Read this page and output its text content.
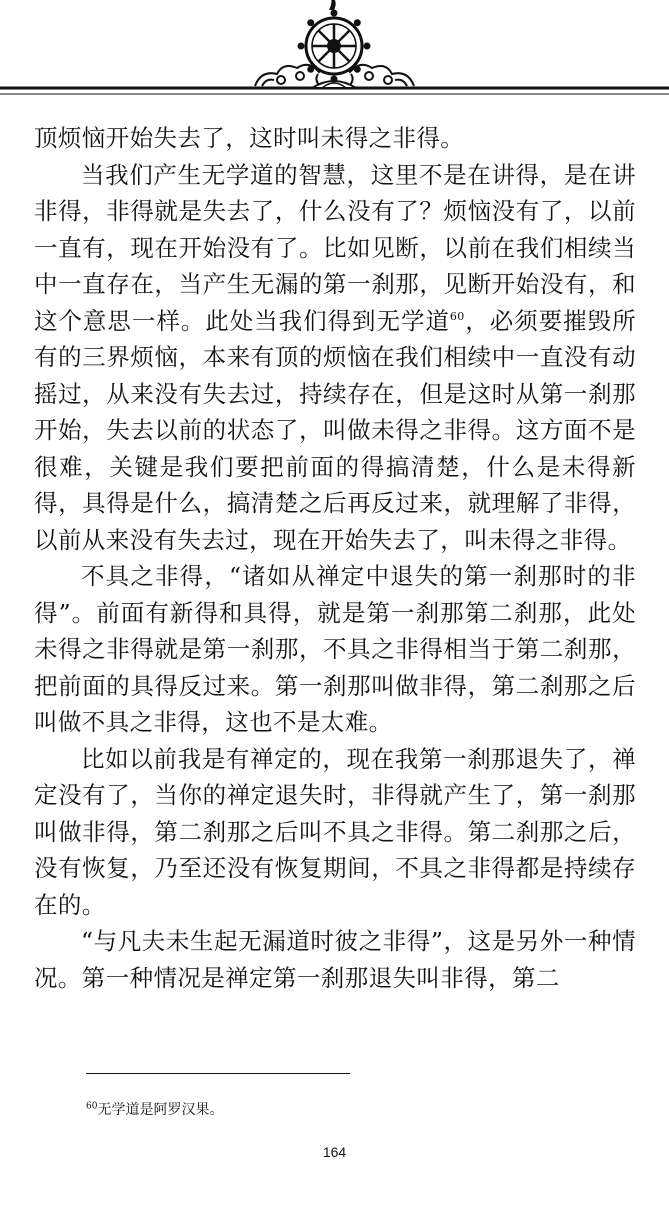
顶烦恼开始失去了，这时叫未得之非得。

当我们产生无学道的智慧，这里不是在讲得，是在讲非得，非得就是失去了，什么没有了？烦恼没有了，以前一直有，现在开始没有了。比如见断，以前在我们相续当中一直存在，当产生无漏的第一刹那，见断开始没有，和这个意思一样。此处当我们得到无学道$^{60}$，必须要摧毁所有的三界烦恼，本来有顶的烦恼在我们相续中一直没有动摇过，从来没有失去过，持续存在，但是这时从第一刹那开始，失去以前的状态了，叫做未得之非得。这方面不是很难，关键是我们要把前面的得搞清楚，什么是未得新得，具得是什么，搞清楚之后再反过来，就理解了非得，以前从来没有失去过，现在开始失去了，叫未得之非得。

不具之非得，“诸如从禅定中退失的第一刹那时的非得”。前面有新得和具得，就是第一刹那第二刹那，此处未得之非得就是第一刹那，不具之非得相当于第二刹那，把前面的具得反过来。第一刹那叫做非得，第二刹那之后叫做不具之非得，这也不是太难。

比如以前我是有禅定的，现在我第一刹那退失了，禅定没有了，当你的禅定退失时，非得就产生了，第一刹那叫做非得，第二刹那之后叫不具之非得。第二刹那之后，没有恢复，乃至还没有恢复期间，不具之非得都是持续存在的。

“与凡夫未生起无漏道时彼之非得”，这是另外一种情况。第一种情况是禅定第一刹那退失叫非得，第二

$^{60}$无学道是阿罗汉果。
164
